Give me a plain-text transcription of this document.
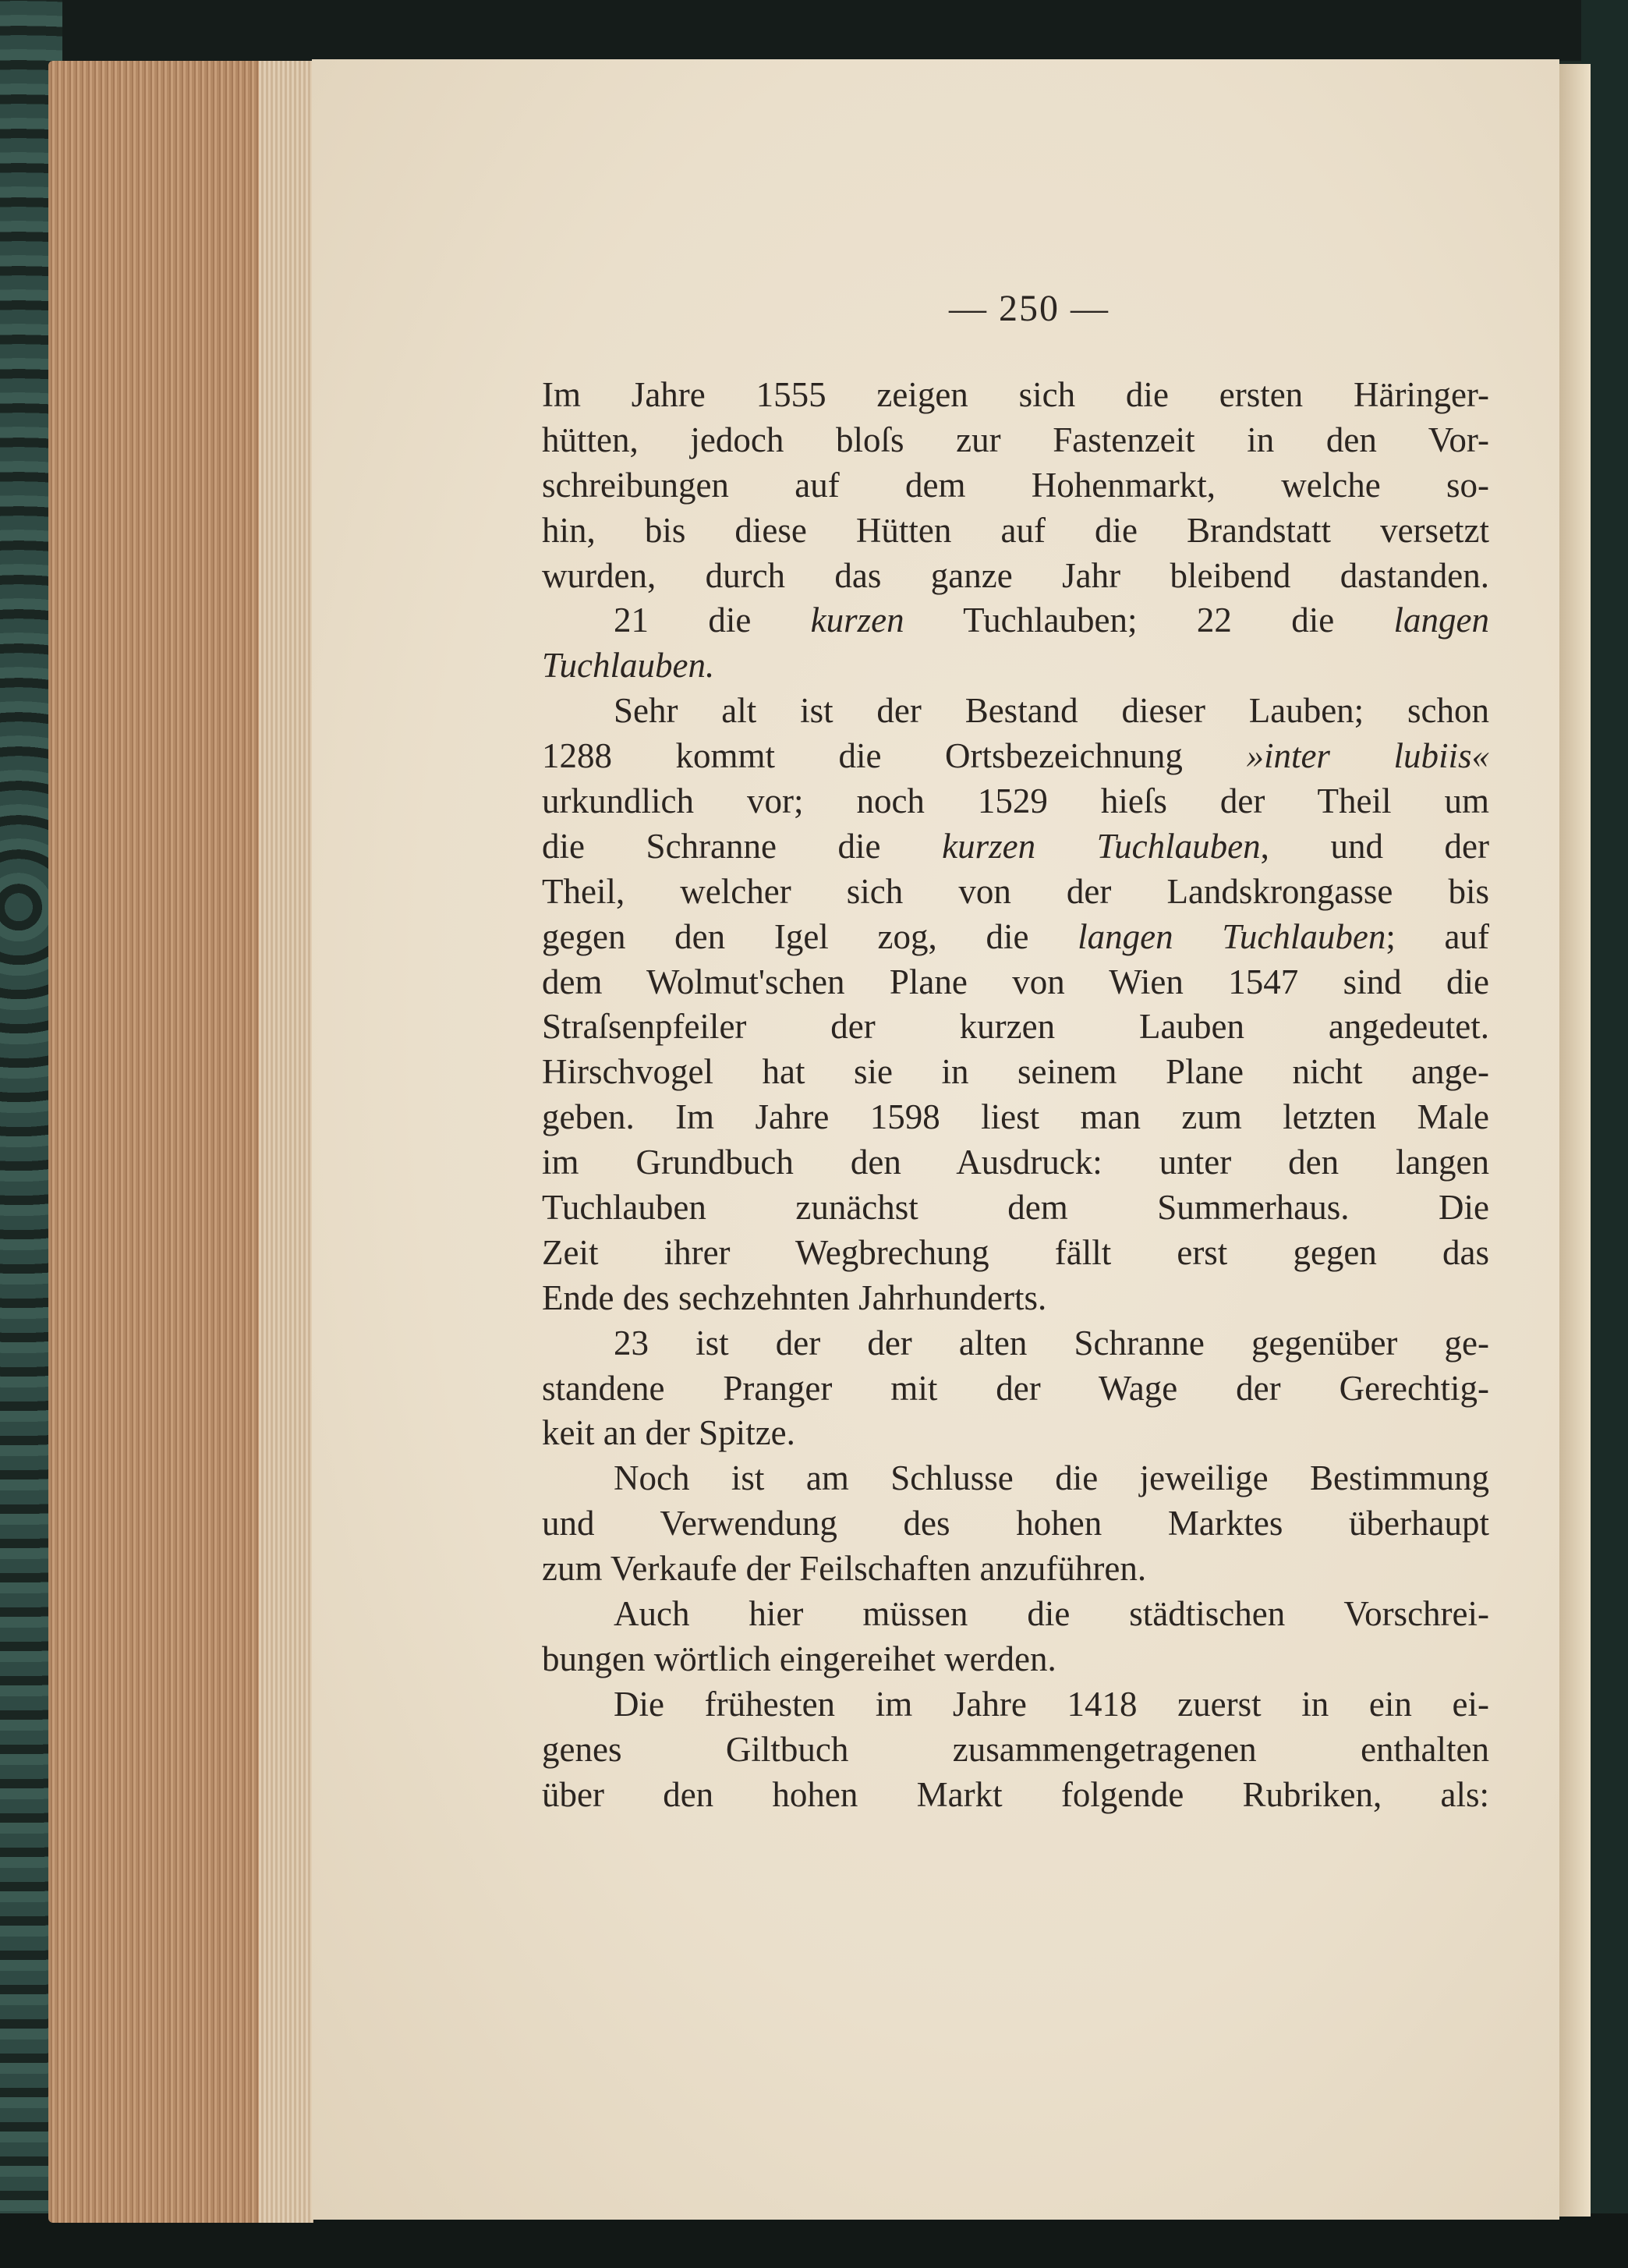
— 250 —
Im Jahre 1555 zeigen sich die ersten Häringer-
hütten, jedoch bloſs zur Fastenzeit in den Vor-
schreibungen auf dem Hohenmarkt, welche so-
hin, bis diese Hütten auf die Brandstatt versetzt
wurden, durch das ganze Jahr bleibend dastanden.
21 die kurzen Tuchlauben; 22 die langen
Tuchlauben.
Sehr alt ist der Bestand dieser Lauben; schon
1288 kommt die Ortsbezeichnung »inter lubiis«
urkundlich vor; noch 1529 hieſs der Theil um
die Schranne die kurzen Tuchlauben, und der
Theil, welcher sich von der Landskrongasse bis
gegen den Igel zog, die langen Tuchlauben; auf
dem Wolmut'schen Plane von Wien 1547 sind die
Straſsenpfeiler der kurzen Lauben angedeutet.
Hirschvogel hat sie in seinem Plane nicht ange-
geben. Im Jahre 1598 liest man zum letzten Male
im Grundbuch den Ausdruck: unter den langen
Tuchlauben zunächst dem Summerhaus. Die
Zeit ihrer Wegbrechung fällt erst gegen das
Ende des sechzehnten Jahrhunderts.
23 ist der der alten Schranne gegenüber ge-
standene Pranger mit der Wage der Gerechtig-
keit an der Spitze.
Noch ist am Schlusse die jeweilige Bestimmung
und Verwendung des hohen Marktes überhaupt
zum Verkaufe der Feilschaften anzuführen.
Auch hier müssen die städtischen Vorschrei-
bungen wörtlich eingereihet werden.
Die frühesten im Jahre 1418 zuerst in ein ei-
genes Giltbuch zusammengetragenen enthalten
über den hohen Markt folgende Rubriken, als:
